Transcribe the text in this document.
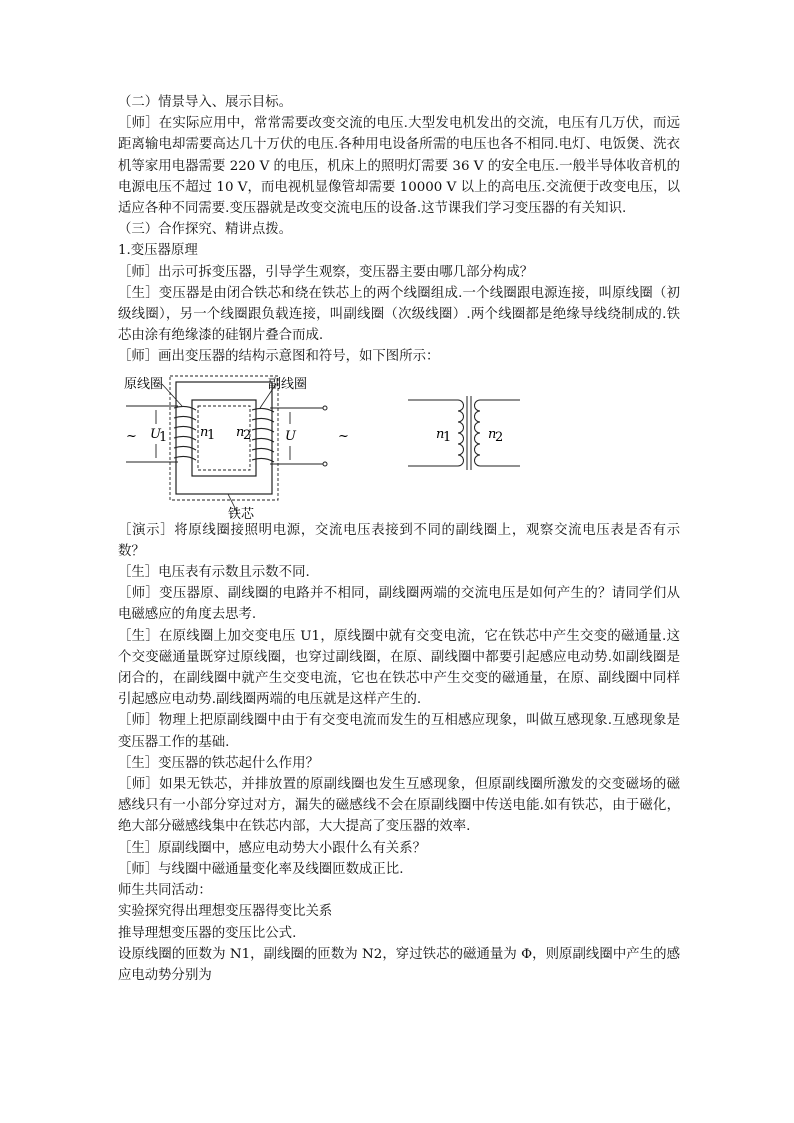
（二）情景导入、展示目标。

［师］在实际应用中，常常需要改变交流的电压.大型发电机发出的交流，电压有几万伏，而远距离输电却需要高达几十万伏的电压.各种用电设备所需的电压也各不相同.电灯、电饭煲、洗衣机等家用电器需要 220 V 的电压，机床上的照明灯需要 36 V 的安全电压.一般半导体收音机的电源电压不超过 10 V，而电视机显像管却需要 10000 V 以上的高电压.交流便于改变电压，以适应各种不同需要.变压器就是改变交流电压的设备.这节课我们学习变压器的有关知识.

（三）合作探究、精讲点拨。

1.变压器原理

［师］出示可拆变压器，引导学生观察，变压器主要由哪几部分构成？

［生］变压器是由闭合铁芯和绕在铁芯上的两个线圈组成.一个线圈跟电源连接，叫原线圈（初级线圈），另一个线圈跟负载连接，叫副线圈（次级线圈）.两个线圈都是绝缘导线绕制成的.铁芯由涂有绝缘漆的硅钢片叠合而成.

［师］画出变压器的结构示意图和符号，如下图所示：

原线圈	副线圈
铁芯
~	~
U
1	U
n
1 n
2	n
1	n
2

［演示］将原线圈接照明电源，交流电压表接到不同的副线圈上，观察交流电压表是否有示数？

［生］电压表有示数且示数不同.

［师］变压器原、副线圈的电路并不相同，副线圈两端的交流电压是如何产生的？请同学们从电磁感应的角度去思考.

［生］在原线圈上加交变电压 U1，原线圈中就有交变电流，它在铁芯中产生交变的磁通量.这个交变磁通量既穿过原线圈，也穿过副线圈，在原、副线圈中都要引起感应电动势.如副线圈是闭合的，在副线圈中就产生交变电流，它也在铁芯中产生交变的磁通量，在原、副线圈中同样引起感应电动势.副线圈两端的电压就是这样产生的.

［师］物理上把原副线圈中由于有交变电流而发生的互相感应现象，叫做互感现象.互感现象是变压器工作的基础.

［生］变压器的铁芯起什么作用？

［师］如果无铁芯，并排放置的原副线圈也发生互感现象，但原副线圈所激发的交变磁场的磁感线只有一小部分穿过对方，漏失的磁感线不会在原副线圈中传送电能.如有铁芯，由于磁化，绝大部分磁感线集中在铁芯内部，大大提高了变压器的效率.

［生］原副线圈中，感应电动势大小跟什么有关系？

［师］与线圈中磁通量变化率及线圈匝数成正比.

师生共同活动：

实验探究得出理想变压器得变比关系

推导理想变压器的变压比公式.

设原线圈的匝数为 N1，副线圈的匝数为 N2，穿过铁芯的磁通量为 Φ，则原副线圈中产生的感应电动势分别为
